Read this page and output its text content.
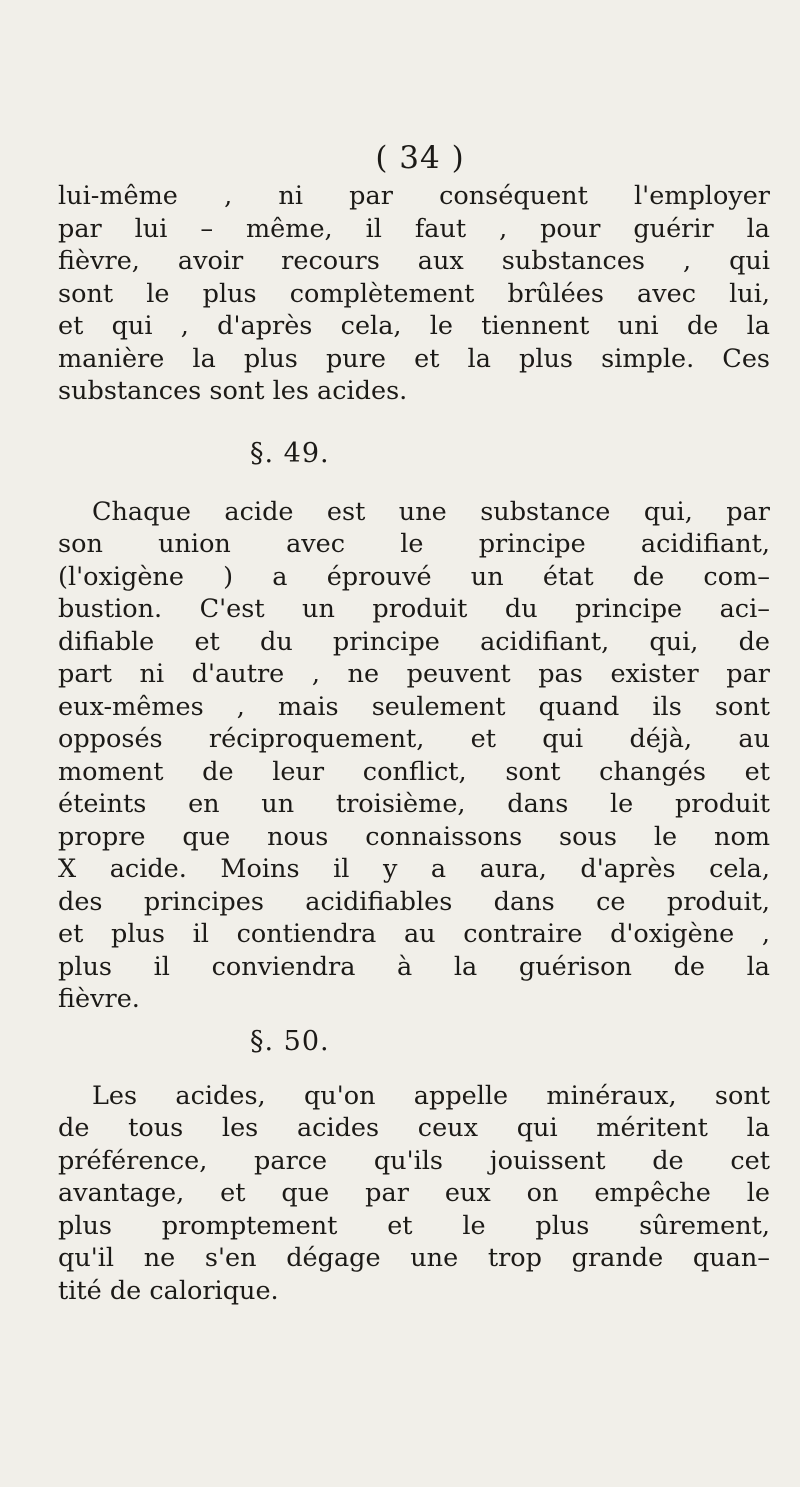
( 34 )
lui-même , ni par conséquent l'employer
par lui – même, il faut , pour guérir la
fièvre, avoir recours aux substances , qui
sont le plus complètement brûlées avec lui,
et qui , d'après cela, le tiennent uni de la
manière la plus pure et la plus simple. Ces
substances sont les acides.
§. 49.
Chaque acide est une substance qui, par
son union avec le principe acidifiant,
(l'oxigène ) a éprouvé un état de com–
bustion. C'est un produit du principe aci–
difiable et du principe acidifiant, qui, de
part ni d'autre , ne peuvent pas exister par
eux-mêmes , mais seulement quand ils sont
opposés réciproquement, et qui déjà, au
moment de leur conflict, sont changés et
éteints en un troisième, dans le produit
propre que nous connaissons sous le nom
X acide. Moins il y a aura, d'après cela,
des principes acidifiables dans ce produit,
et plus il contiendra au contraire d'oxigène ,
plus il conviendra à la guérison de la
fièvre.
§. 50.
Les acides, qu'on appelle minéraux, sont
de tous les acides ceux qui méritent la
préférence, parce qu'ils jouissent de cet
avantage, et que par eux on empêche le
plus promptement et le plus sûrement,
qu'il ne s'en dégage une trop grande quan–
tité de calorique.
